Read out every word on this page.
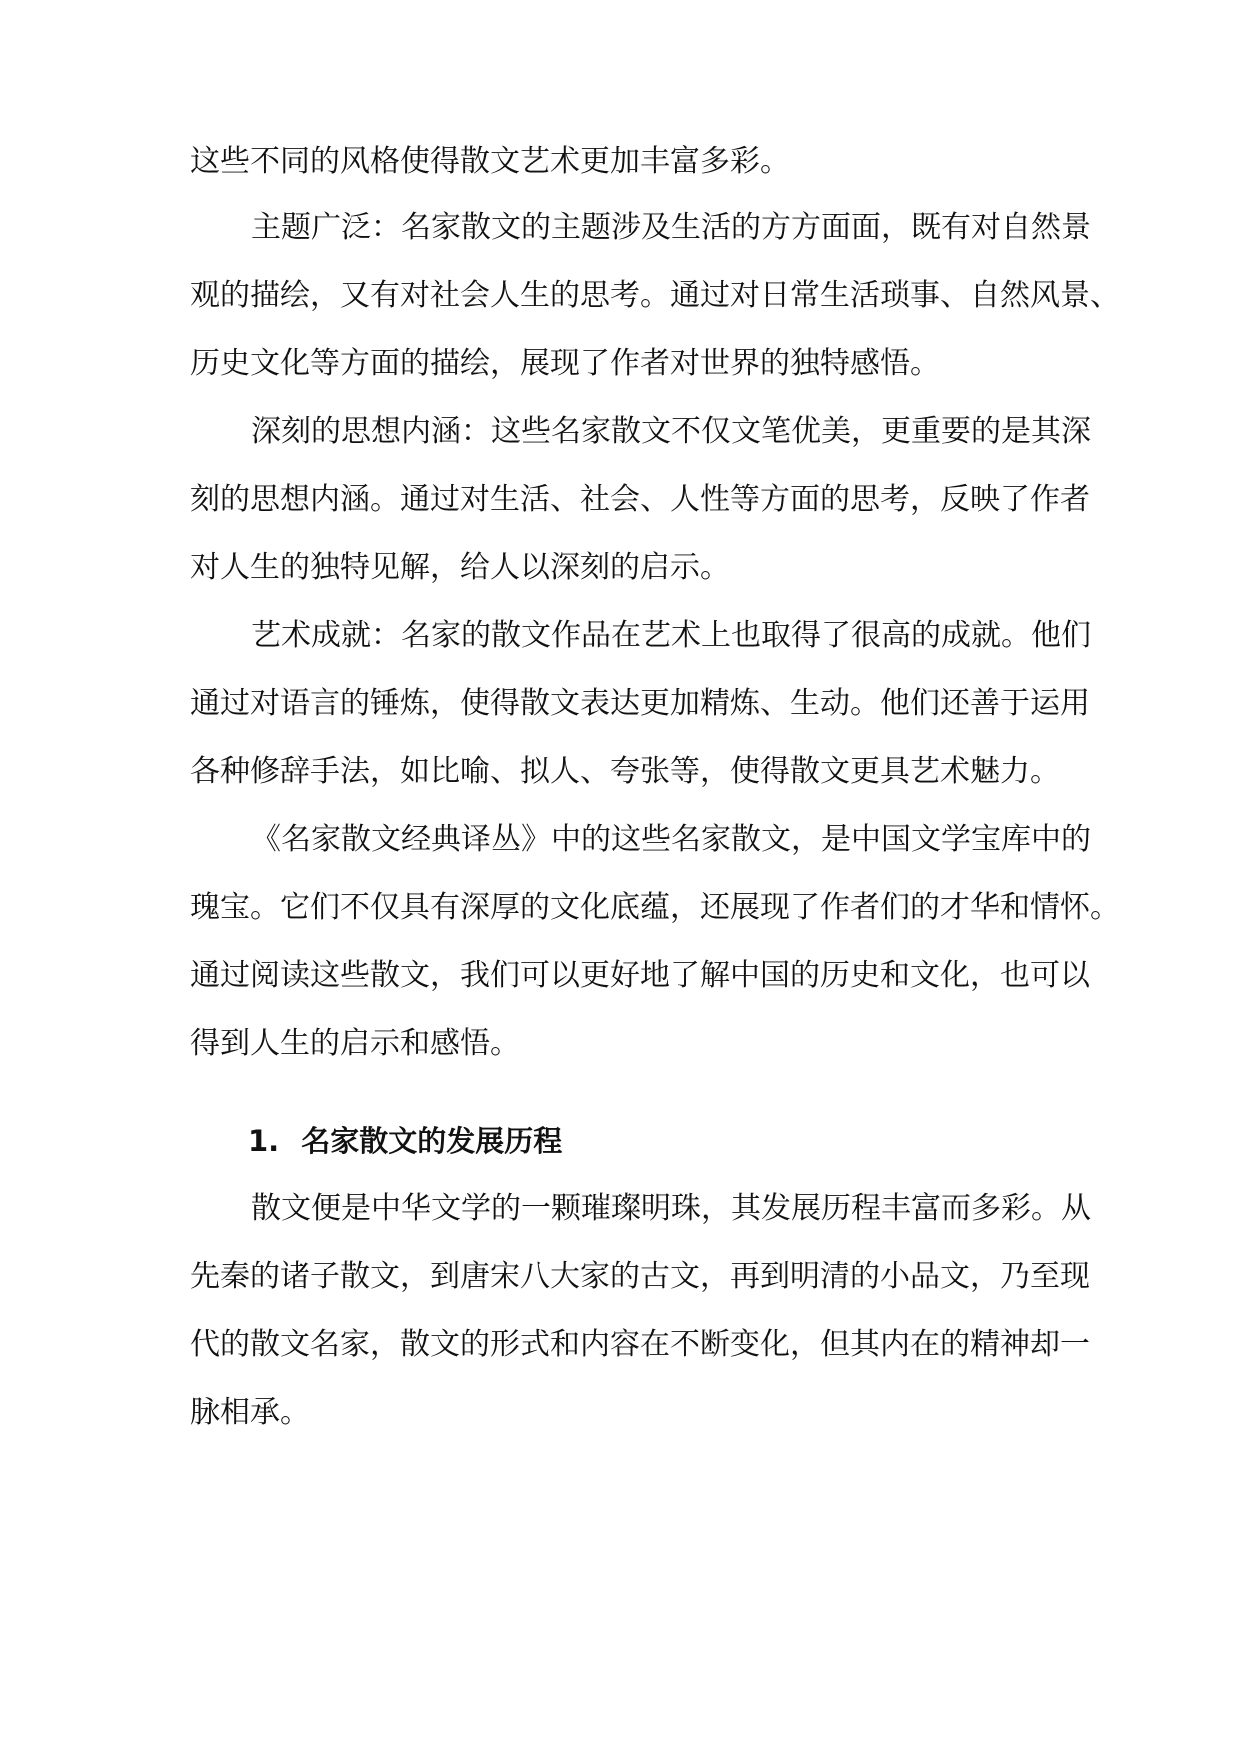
这些不同的风格使得散文艺术更加丰富多彩。

主题广泛：名家散文的主题涉及生活的方方面面，既有对自然景

观的描绘，又有对社会人生的思考。通过对日常生活琐事、自然风景、

历史文化等方面的描绘，展现了作者对世界的独特感悟。

深刻的思想内涵：这些名家散文不仅文笔优美，更重要的是其深

刻的思想内涵。通过对生活、社会、人性等方面的思考，反映了作者

对人生的独特见解，给人以深刻的启示。

艺术成就：名家的散文作品在艺术上也取得了很高的成就。他们

通过对语言的锤炼，使得散文表达更加精炼、生动。他们还善于运用

各种修辞手法，如比喻、拟人、夸张等，使得散文更具艺术魅力。

《名家散文经典译丛》中的这些名家散文，是中国文学宝库中的

瑰宝。它们不仅具有深厚的文化底蕴，还展现了作者们的才华和情怀。

通过阅读这些散文，我们可以更好地了解中国的历史和文化，也可以

得到人生的启示和感悟。

1. 名家散文的发展历程

散文便是中华文学的一颗璀璨明珠，其发展历程丰富而多彩。从

先秦的诸子散文，到唐宋八大家的古文，再到明清的小品文，乃至现

代的散文名家，散文的形式和内容在不断变化，但其内在的精神却一

脉相承。
